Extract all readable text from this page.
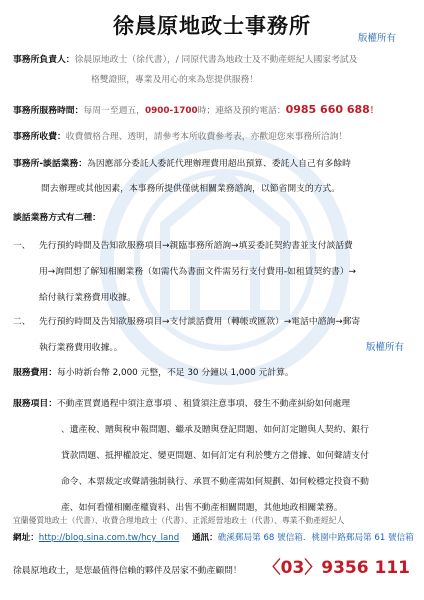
徐晨原地政士事務所
版權所有
事務所負責人：徐晨原地政士（徐代書），/ 同原代書為地政士及不動產經紀人國家考試及
格雙證照，專業及用心的來為您提供服務！
事務所服務時間：每周一至週五，0900-1700時；連絡及預約電話：0985 660 688！
事務所收費：收費價格合理、透明，請參考本所收費參考表，亦歡迎您來事務所洽詢！
事務所-談話業務：為因應部分委託人委託代理辦理費用超出預算、委託人自己有多餘時
間去辦理或其他因素，本事務所提供僅就相關業務諮詢，以節省開支的方式。
談話業務方式有二種：
一、 先行預約時間及告知欲服務項目→親臨事務所諮詢→填妥委託契約書並支付談話費
用→詢問想了解知相關業務（如需代為書面文件需另行支付費用-如租賃契約書）→
給付執行業務費用收據。
二、 先行預約時間及告知欲服務項目→支付談話費用（轉帳或匯款）→電話中諮詢→郵寄
執行業務費用收據。。	版權所有
服務費用：每小時新台幣 2,000 元整，不足 30 分鐘以 1,000 元計算。
服務項目：不動產買賣過程中須注意事項 、租賃須注意事項、發生不動產糾紛如何處理
、遺產稅、贈與稅申報問題、繼承及贈與登記問題、如何訂定贈與人契約、銀行
貸款問題、抵押權設定、變更問題、如何訂定有利於雙方之借據、如何聲請支付
命令、本票裁定或聲請強制執行、承買不動產需如何規劃、如何較穩定投資不動
產、如何看懂相關產權資料、出售不動產相關問題，其他地政相關業務。
宜蘭優質地政士（代書）、收費合理地政士（代書）、正派經營地政士（代書）、專業不動產經紀人
網址：http://blog.sina.com.tw/hcy_land 通訊：礁溪郵局第 68 號信箱．桃園中路郵局第 61 號信箱
徐晨原地政士，是您最值得信賴的夥伴及居家不動產顧問！ 〈03〉9356 111
